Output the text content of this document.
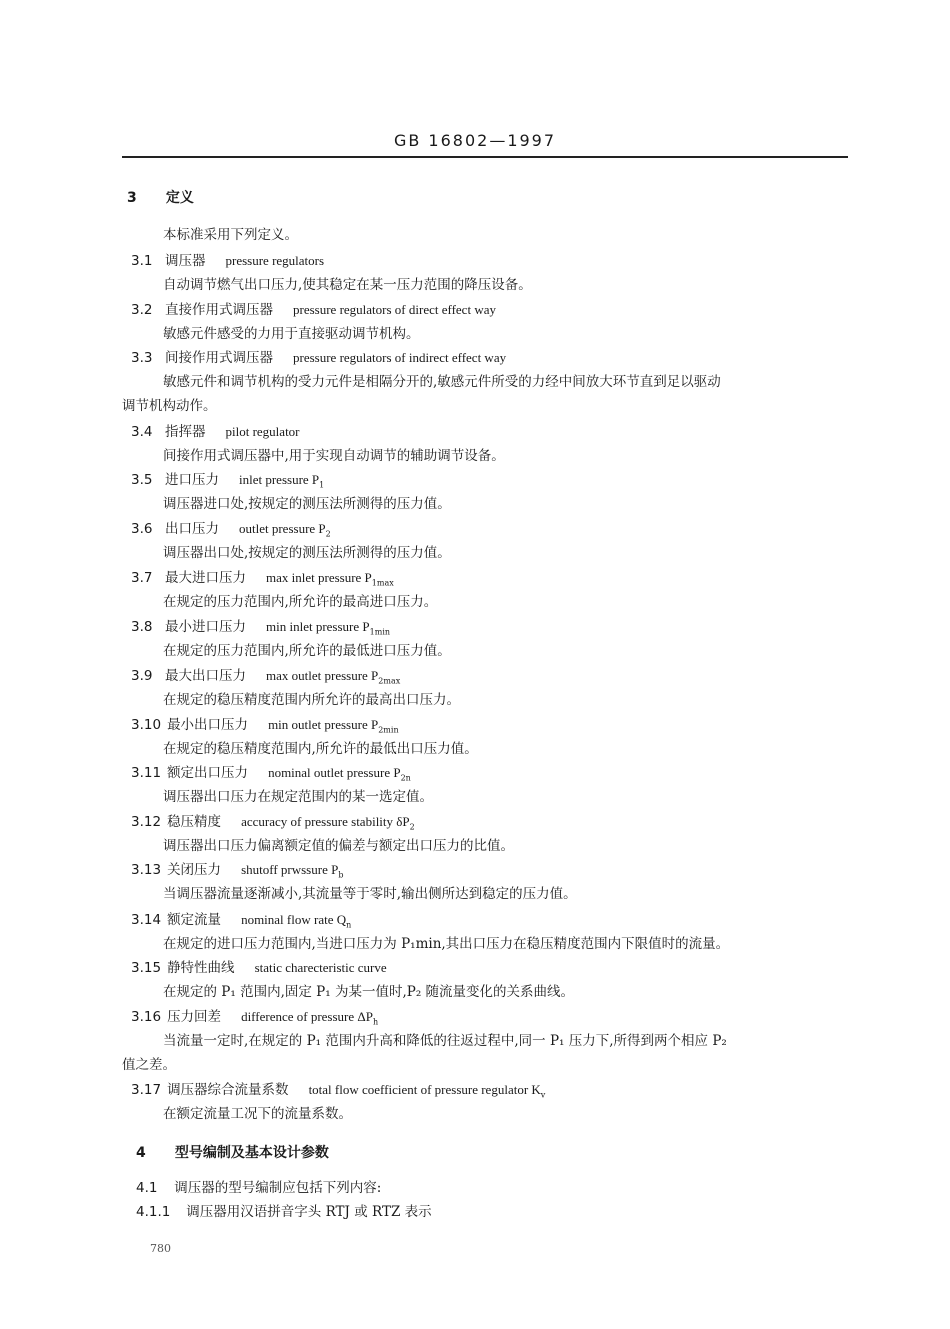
GB 16802—1997
3 定义
本标准采用下列定义。
3.1 调压器 pressure regulators
自动调节燃气出口压力,使其稳定在某一压力范围的降压设备。
3.2 直接作用式调压器 pressure regulators of direct effect way
敏感元件感受的力用于直接驱动调节机构。
3.3 间接作用式调压器 pressure regulators of indirect effect way
敏感元件和调节机构的受力元件是相隔分开的,敏感元件所受的力经中间放大环节直到足以驱动
调节机构动作。
3.4 指挥器 pilot regulator
间接作用式调压器中,用于实现自动调节的辅助调节设备。
3.5 进口压力 inlet pressure $P_1$
调压器进口处,按规定的测压法所测得的压力值。
3.6 出口压力 outlet pressure $P_2$
调压器出口处,按规定的测压法所测得的压力值。
3.7 最大进口压力 max inlet pressure $P_{1max}$
在规定的压力范围内,所允许的最高进口压力。
3.8 最小进口压力 min inlet pressure $P_{1min}$
在规定的压力范围内,所允许的最低进口压力值。
3.9 最大出口压力 max outlet pressure $P_{2max}$
在规定的稳压精度范围内所允许的最高出口压力。
3.10 最小出口压力 min outlet pressure $P_{2min}$
在规定的稳压精度范围内,所允许的最低出口压力值。
3.11 额定出口压力 nominal outlet pressure $P_{2n}$
调压器出口压力在规定范围内的某一选定值。
3.12 稳压精度 accuracy of pressure stability $\delta P_2$
调压器出口压力偏离额定值的偏差与额定出口压力的比值。
3.13 关闭压力 shutoff prwssure $P_b$
当调压器流量逐渐减小,其流量等于零时,输出侧所达到稳定的压力值。
3.14 额定流量 nominal flow rate $Q_n$
在规定的进口压力范围内,当进口压力为 P₁min,其出口压力在稳压精度范围内下限值时的流量。
3.15 静特性曲线 static charecteristic curve
在规定的 P₁ 范围内,固定 P₁ 为某一值时,P₂ 随流量变化的关系曲线。
3.16 压力回差 difference of pressure $\Delta P_h$
当流量一定时,在规定的 P₁ 范围内升高和降低的往返过程中,同一 P₁ 压力下,所得到两个相应 P₂
值之差。
3.17 调压器综合流量系数 total flow coefficient of pressure regulator $K_v$
在额定流量工况下的流量系数。
4 型号编制及基本设计参数
4.1 调压器的型号编制应包括下列内容:
4.1.1 调压器用汉语拼音字头 RTJ 或 RTZ 表示
780
